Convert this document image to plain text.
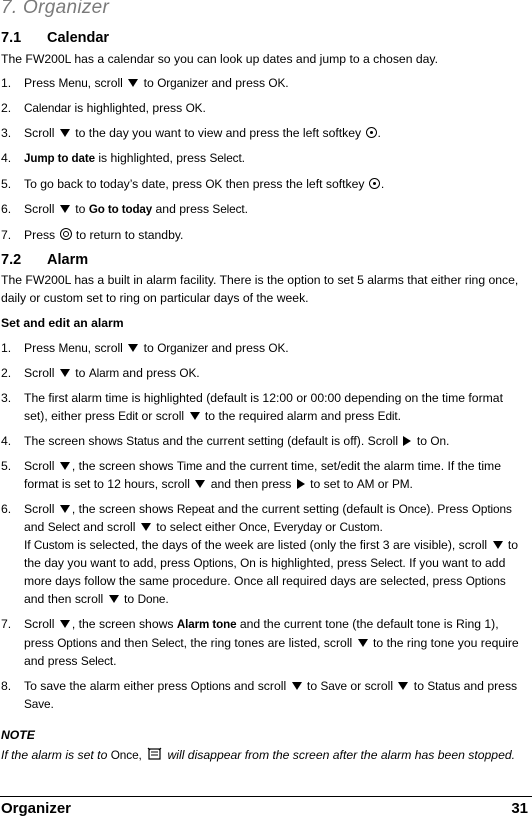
7. Organizer
7.1 Calendar
The FW200L has a calendar so you can look up dates and jump to a chosen day.
1. Press Menu, scroll  to Organizer and press OK.
2. Calendar is highlighted, press OK.
3. Scroll  to the day you want to view and press the left softkey .
4. Jump to date is highlighted, press Select.
5. To go back to today’s date, press OK then press the left softkey .
6. Scroll  to Go to today and press Select.
7. Press  to return to standby.
7.2 Alarm
The FW200L has a built in alarm facility. There is the option to set 5 alarms that either ring once, daily or custom set to ring on particular days of the week.
Set and edit an alarm
1. Press Menu, scroll  to Organizer and press OK.
2. Scroll  to Alarm and press OK.
3. The first alarm time is highlighted (default is 12:00 or 00:00 depending on the time format set), either press Edit or scroll  to the required alarm and press Edit.
4. The screen shows Status and the current setting (default is off). Scroll  to On.
5. Scroll , the screen shows Time and the current time, set/edit the alarm time. If the time format is set to 12 hours, scroll  and then press  to set to AM or PM.
6. Scroll , the screen shows Repeat and the current setting (default is Once). Press Options and Select and scroll  to select either Once, Everyday or Custom.
If Custom is selected, the days of the week are listed (only the first 3 are visible), scroll  to the day you want to add, press Options, On is highlighted, press Select. If you want to add more days follow the same procedure. Once all required days are selected, press Options and then scroll  to Done.
7. Scroll , the screen shows Alarm tone and the current tone (the default tone is Ring 1), press Options and then Select, the ring tones are listed, scroll  to the ring tone you require and press Select.
8. To save the alarm either press Options and scroll  to Save or scroll  to Status and press Save.
NOTE
If the alarm is set to Once,  will disappear from the screen after the alarm has been stopped.
Organizer	31
